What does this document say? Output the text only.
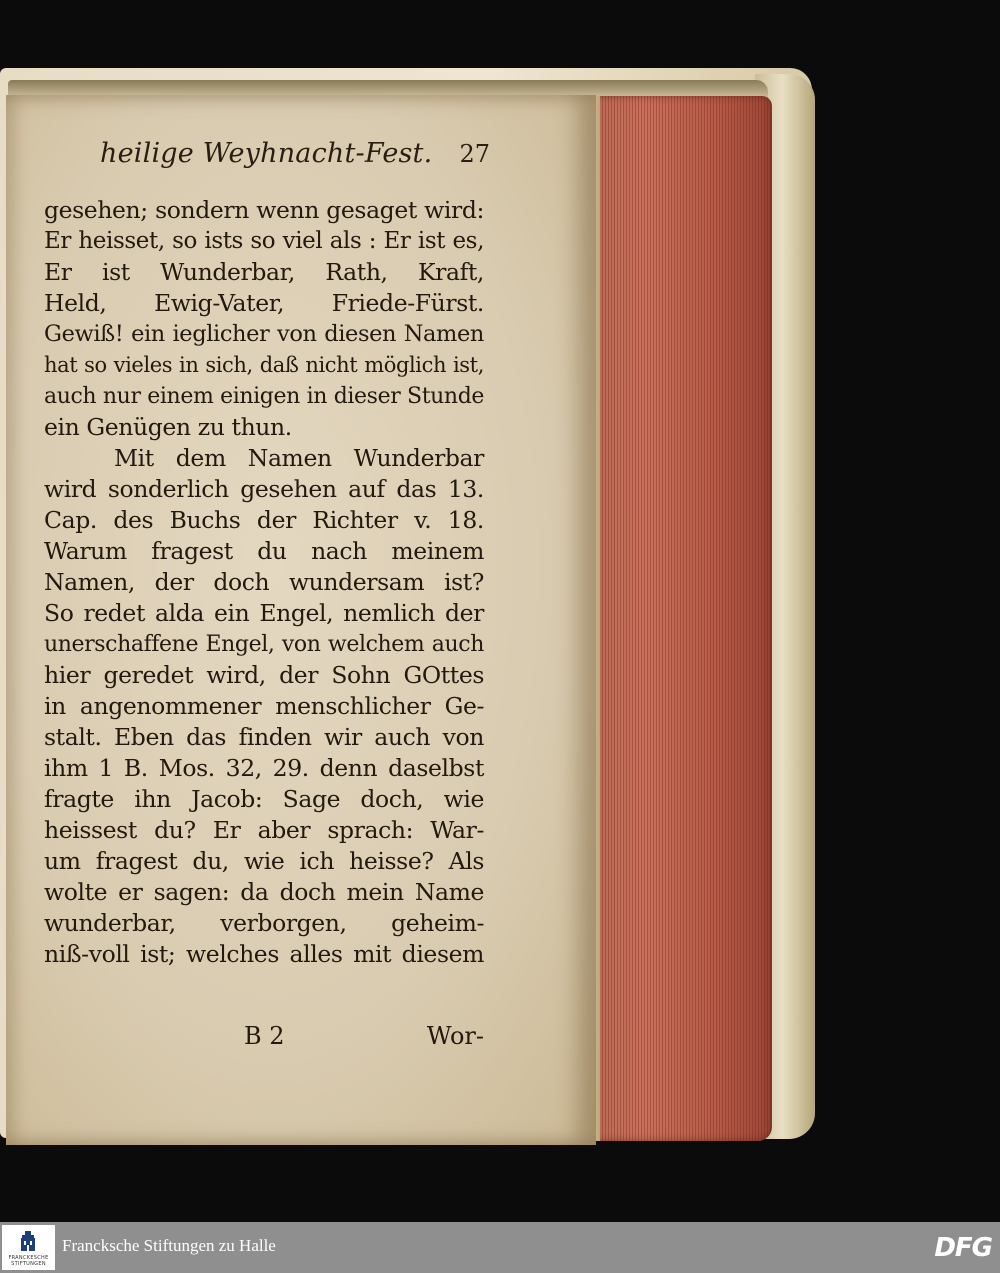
heilige Weyhnacht-Fest. 27
gesehen; sondern wenn gesaget wird:
Er heisset, so ists so viel als : Er ist es,
Er ist Wunderbar, Rath, Kraft,
Held, Ewig-Vater, Friede-Fürst.
Gewiß! ein ieglicher von diesen Namen
hat so vieles in sich, daß nicht möglich ist,
auch nur einem einigen in dieser Stunde
ein Genügen zu thun.
Mit dem Namen Wunderbar
wird sonderlich gesehen auf das 13.
Cap. des Buchs der Richter v. 18.
Warum fragest du nach meinem
Namen, der doch wundersam ist?
So redet alda ein Engel, nemlich der
unerschaffene Engel, von welchem auch
hier geredet wird, der Sohn GOttes
in angenommener menschlicher Ge-
stalt. Eben das finden wir auch von
ihm 1 B. Mos. 32, 29. denn daselbst
fragte ihn Jacob: Sage doch, wie
heissest du? Er aber sprach: War-
um fragest du, wie ich heisse? Als
wolte er sagen: da doch mein Name
wunderbar, verborgen, geheim-
niß-voll ist; welches alles mit diesem
B 2	Wor-
FRANCKESCHE STIFTUNGEN
Francksche Stiftungen zu Halle	DFG
